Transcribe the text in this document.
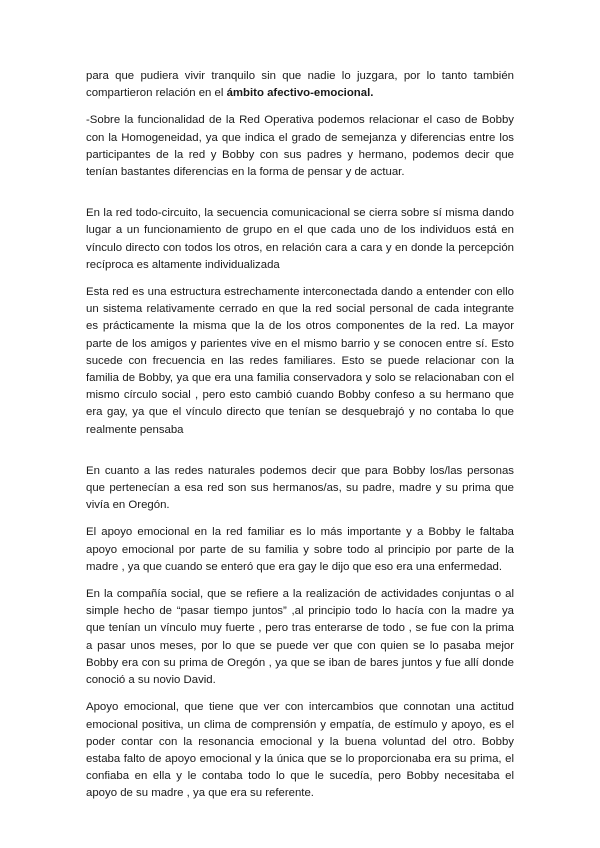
para que pudiera vivir tranquilo sin que nadie lo juzgara, por lo tanto también compartieron relación en el ámbito afectivo-emocional.

-Sobre la funcionalidad de la Red Operativa podemos relacionar el caso de Bobby con la Homogeneidad, ya que indica el grado de semejanza y diferencias entre los participantes de la red y Bobby con sus padres y hermano, podemos decir que tenían bastantes diferencias en la forma de pensar y de actuar.

En la red todo-circuito, la secuencia comunicacional se cierra sobre sí misma dando lugar a un funcionamiento de grupo en el que cada uno de los individuos está en vínculo directo con todos los otros, en relación cara a cara y en donde la percepción recíproca es altamente individualizada

Esta red es una estructura estrechamente interconectada dando a entender con ello un sistema relativamente cerrado en que la red social personal de cada integrante es prácticamente la misma que la de los otros componentes de la red. La mayor parte de los amigos y parientes vive en el mismo barrio y se conocen entre sí. Esto sucede con frecuencia en las redes familiares. Esto se puede relacionar con la familia de Bobby, ya que era una familia conservadora y solo se relacionaban con el mismo círculo social , pero esto cambió cuando Bobby confeso a su hermano que era gay, ya que el vínculo directo que tenían se desquebrajó y no contaba lo que realmente pensaba

En cuanto a las redes naturales podemos decir que para Bobby los/las personas que pertenecían a esa red son sus hermanos/as, su padre, madre y su prima que vivía en Oregón.

El apoyo emocional en la red familiar es lo más importante y a Bobby le faltaba apoyo emocional por parte de su familia y sobre todo al principio por parte de la madre , ya que cuando se enteró que era gay le dijo que eso era una enfermedad.

En la compañía social, que se refiere a la realización de actividades conjuntas o al simple hecho de “pasar tiempo juntos” ,al principio todo lo hacía con la madre ya que tenían un vínculo muy fuerte , pero tras enterarse de todo , se fue con la prima a pasar unos meses, por lo que se puede ver que con quien se lo pasaba mejor Bobby era con su prima de Oregón , ya que se iban de bares juntos y fue allí donde conoció a su novio David.

Apoyo emocional, que tiene que ver con intercambios que connotan una actitud emocional positiva, un clima de comprensión y empatía, de estímulo y apoyo, es el poder contar con la resonancia emocional y la buena voluntad del otro. Bobby estaba falto de apoyo emocional y la única que se lo proporcionaba era su prima, el confiaba en ella y le contaba todo lo que le sucedía, pero Bobby necesitaba el apoyo de su madre , ya que era su referente.
